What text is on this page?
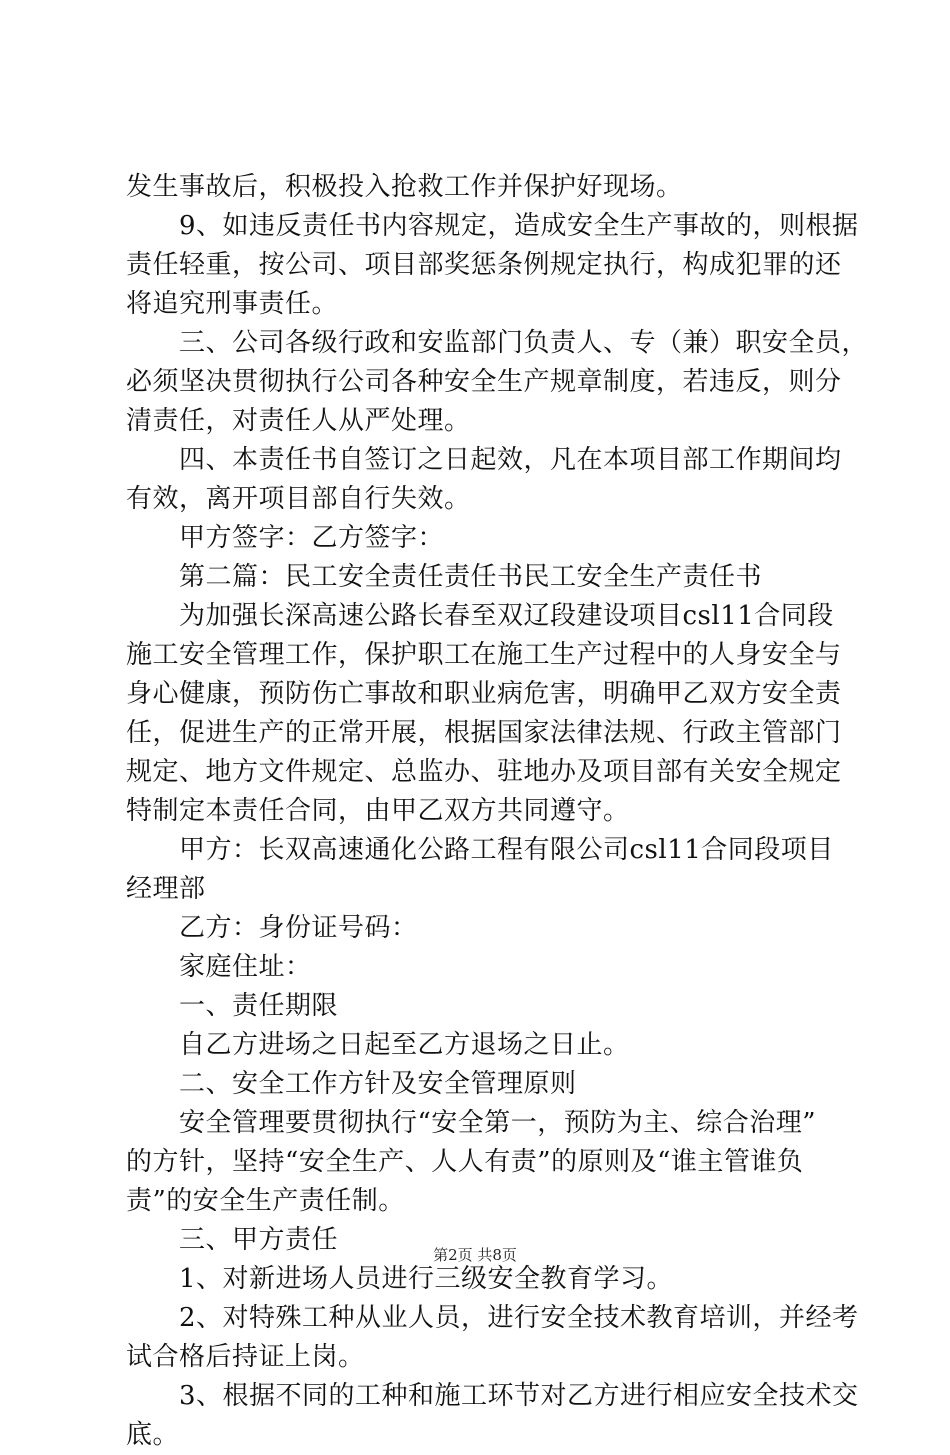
发生事故后，积极投入抢救工作并保护好现场。
　　9、如违反责任书内容规定，造成安全生产事故的，则根据
责任轻重，按公司、项目部奖惩条例规定执行，构成犯罪的还
将追究刑事责任。
　　三、公司各级行政和安监部门负责人、专（兼）职安全员，
必须坚决贯彻执行公司各种安全生产规章制度，若违反，则分
清责任，对责任人从严处理。
　　四、本责任书自签订之日起效，凡在本项目部工作期间均
有效，离开项目部自行失效。
　　甲方签字：乙方签字：
　　第二篇：民工安全责任责任书民工安全生产责任书
　　为加强长深高速公路长春至双辽段建设项目csl11合同段
施工安全管理工作，保护职工在施工生产过程中的人身安全与
身心健康，预防伤亡事故和职业病危害，明确甲乙双方安全责
任，促进生产的正常开展，根据国家法律法规、行政主管部门
规定、地方文件规定、总监办、驻地办及项目部有关安全规定
特制定本责任合同，由甲乙双方共同遵守。
　　甲方：长双高速通化公路工程有限公司csl11合同段项目
经理部
　　乙方：身份证号码：
　　家庭住址：
　　一、责任期限
　　自乙方进场之日起至乙方退场之日止。
　　二、安全工作方针及安全管理原则
　　安全管理要贯彻执行“安全第一，预防为主、综合治理”
的方针，坚持“安全生产、人人有责”的原则及“谁主管谁负
责”的安全生产责任制。
　　三、甲方责任
　　1、对新进场人员进行三级安全教育学习。
　　2、对特殊工种从业人员，进行安全技术教育培训，并经考
试合格后持证上岗。
　　3、根据不同的工种和施工环节对乙方进行相应安全技术交
底。
第2页 共8页
